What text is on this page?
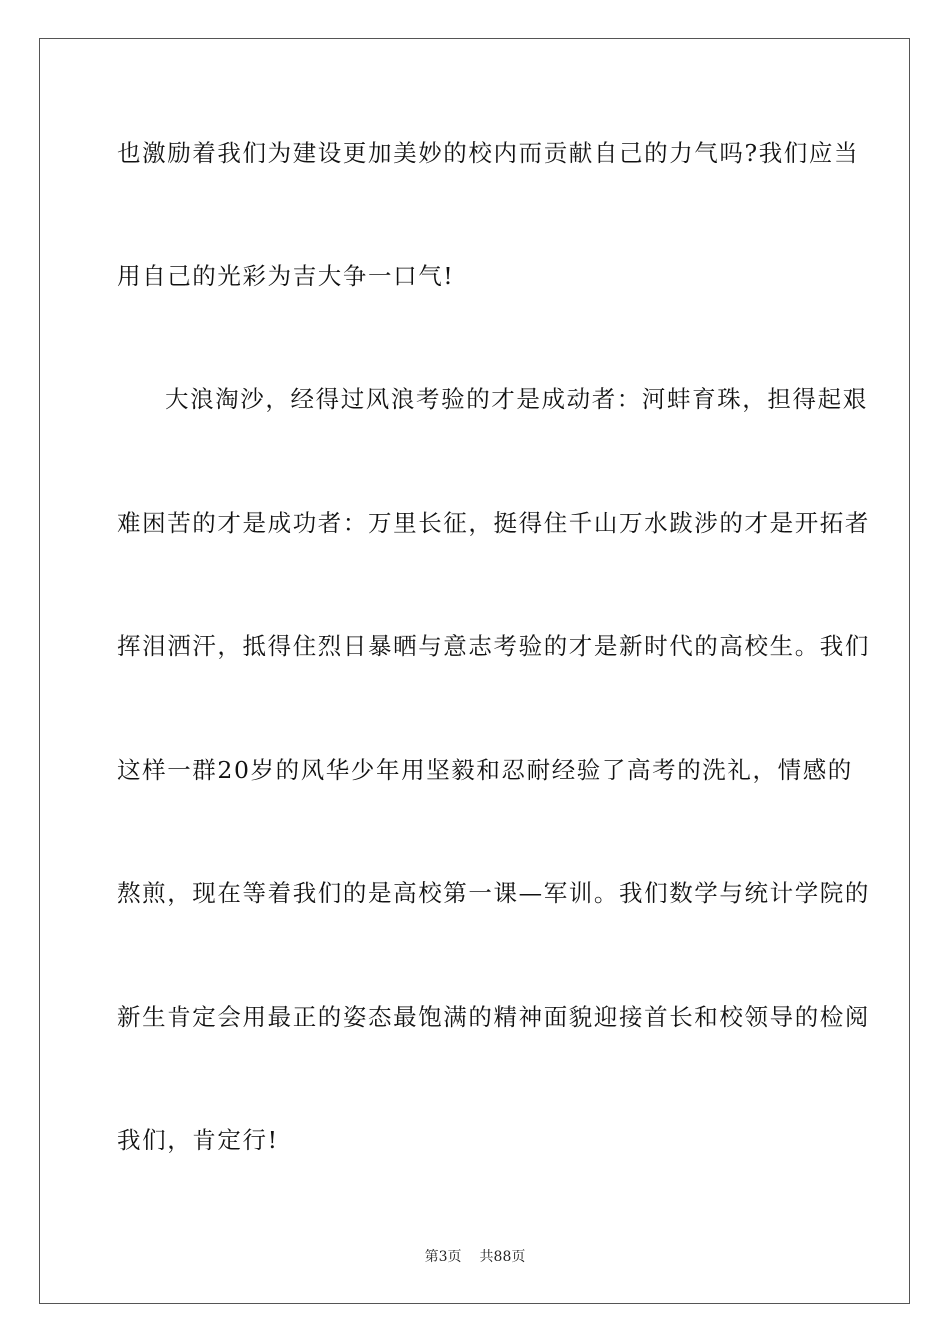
也激励着我们为建设更加美妙的校内而贡献自己的力气吗?我们应当
用自己的光彩为吉大争一口气!
大浪淘沙，经得过风浪考验的才是成动者：河蚌育珠，担得起艰
难困苦的才是成功者：万里长征，挺得住千山万水跋涉的才是开拓者
挥泪洒汗，抵得住烈日暴晒与意志考验的才是新时代的高校生。我们
这样一群20岁的风华少年用坚毅和忍耐经验了高考的洗礼，情感的
熬煎，现在等着我们的是高校第一课—军训。我们数学与统计学院的
新生肯定会用最正的姿态最饱满的精神面貌迎接首长和校领导的检阅
我们，肯定行!
第3页 共88页
